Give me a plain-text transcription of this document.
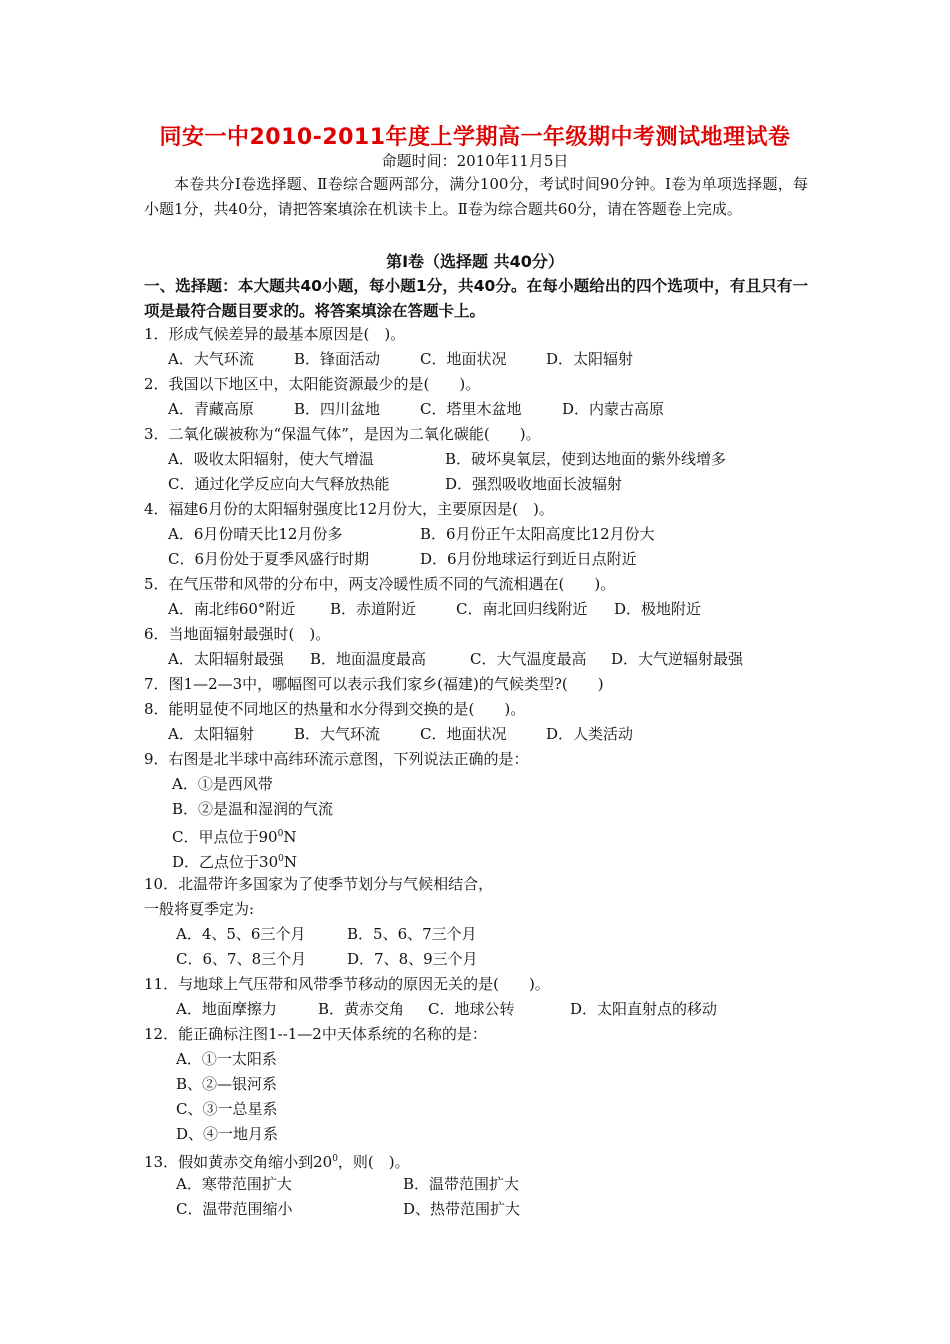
同安一中2010-2011年度上学期高一年级期中考测试地理试卷
命题时间：2010年11月5日
本卷共分Ⅰ卷选择题、Ⅱ卷综合题两部分，满分100分，考试时间90分钟。Ⅰ卷为单项选择题，每小题1分，共40分，请把答案填涂在机读卡上。Ⅱ卷为综合题共60分，请在答题卷上完成。
第Ⅰ卷（选择题 共40分）
一、选择题：本大题共40小题，每小题1分，共40分。在每小题给出的四个选项中，有且只有一项是最符合题目要求的。将答案填涂在答题卡上。
1．形成气候差异的最基本原因是(　)。
A．大气环流	B．锋面活动	C．地面状况	D．太阳辐射
2．我国以下地区中，太阳能资源最少的是(　　)。
A．青藏高原	B．四川盆地	C．塔里木盆地	D．内蒙古高原
3．二氧化碳被称为“保温气体”，是因为二氧化碳能(　　)。
A．吸收太阳辐射，使大气增温	B．破坏臭氧层，使到达地面的紫外线增多
C．通过化学反应向大气释放热能	D．强烈吸收地面长波辐射
4．福建6月份的太阳辐射强度比12月份大，主要原因是(　)。
A．6月份晴天比12月份多	B．6月份正午太阳高度比12月份大
C．6月份处于夏季风盛行时期	D．6月份地球运行到近日点附近
5．在气压带和风带的分布中，两支冷暖性质不同的气流相遇在(　　)。
A．南北纬60°附近 B．赤道附近	C．南北回归线附近 D．极地附近
6．当地面辐射最强时(　)。
A．太阳辐射最强 B．地面温度最高	C．大气温度最高 D．大气逆辐射最强
7．图1—2—3中，哪幅图可以表示我们家乡(福建)的气候类型?(　　)
8．能明显使不同地区的热量和水分得到交换的是(　　)。
A．太阳辐射	B．大气环流	C．地面状况	D．人类活动
9．右图是北半球中高纬环流示意图，下列说法正确的是：
A．①是西风带
B．②是温和湿润的气流
C．甲点位于$90^0N$
D．乙点位于$30^0N$
10．北温带许多国家为了使季节划分与气候相结合，
一般将夏季定为:
A．4、5、6三个月	B．5、6、7三个月
C．6、7、8三个月	D．7、8、9三个月
11．与地球上气压带和风带季节移动的原因无关的是(　　)。
A．地面摩擦力	B．黄赤交角 C．地球公转	D．太阳直射点的移动
12．能正确标注图1--1—2中天体系统的名称的是：
A．①一太阳系
B、②—银河系
C、③一总星系
D、④一地月系
13．假如黄赤交角缩小到$20^0$，则(　)。
A．寒带范围扩大	B．温带范围扩大
C．温带范围缩小	D、热带范围扩大
